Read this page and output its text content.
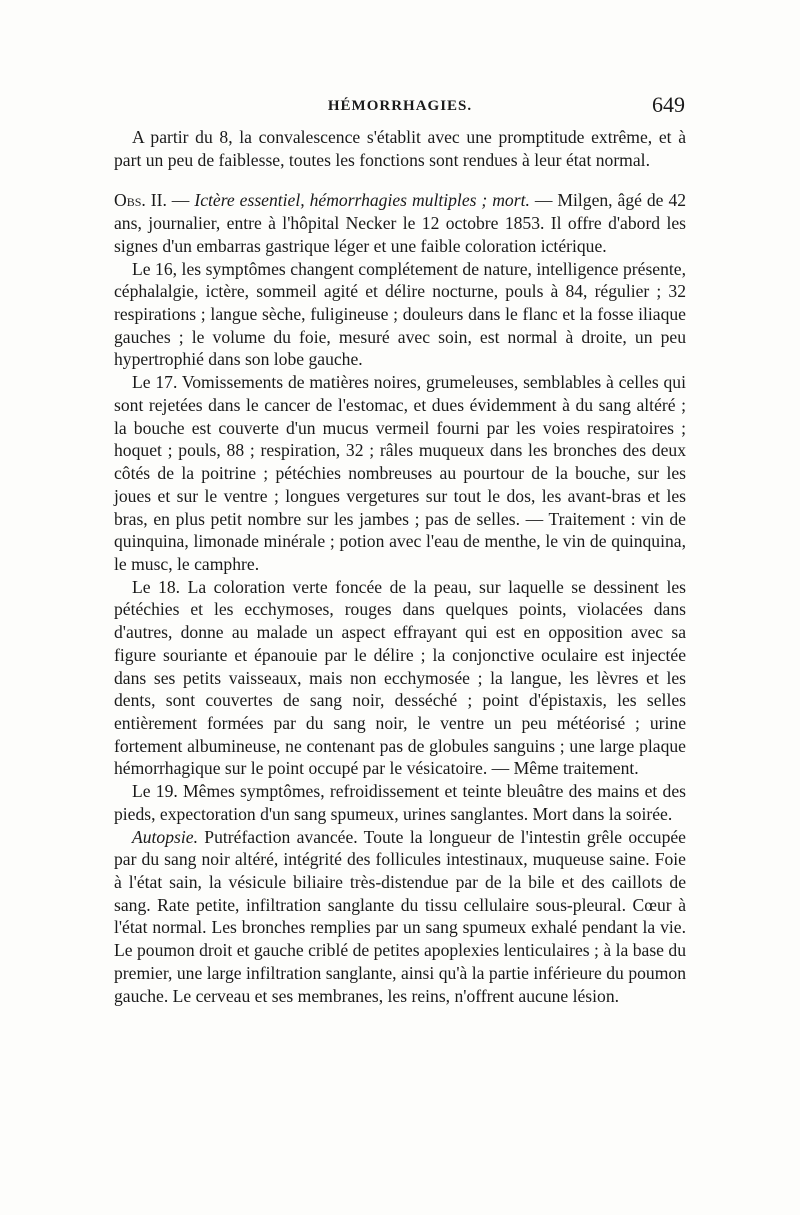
HÉMORRHAGIES.	649

A partir du 8, la convalescence s'établit avec une promptitude extrême, et à part un peu de faiblesse, toutes les fonctions sont rendues à leur état normal.

Obs. II. — Ictère essentiel, hémorrhagies multiples ; mort. — Milgen, âgé de 42 ans, journalier, entre à l'hôpital Necker le 12 octobre 1853. Il offre d'abord les signes d'un embarras gastrique léger et une faible coloration ictérique.

Le 16, les symptômes changent complétement de nature, intelligence présente, céphalalgie, ictère, sommeil agité et délire nocturne, pouls à 84, régulier ; 32 respirations ; langue sèche, fuligineuse ; douleurs dans le flanc et la fosse iliaque gauches ; le volume du foie, mesuré avec soin, est normal à droite, un peu hypertrophié dans son lobe gauche.

Le 17. Vomissements de matières noires, grumeleuses, semblables à celles qui sont rejetées dans le cancer de l'estomac, et dues évidemment à du sang altéré ; la bouche est couverte d'un mucus vermeil fourni par les voies respiratoires ; hoquet ; pouls, 88 ; respiration, 32 ; râles muqueux dans les bronches des deux côtés de la poitrine ; pétéchies nombreuses au pourtour de la bouche, sur les joues et sur le ventre ; longues vergetures sur tout le dos, les avant-bras et les bras, en plus petit nombre sur les jambes ; pas de selles. — Traitement : vin de quinquina, limonade minérale ; potion avec l'eau de menthe, le vin de quinquina, le musc, le camphre.

Le 18. La coloration verte foncée de la peau, sur laquelle se dessinent les pétéchies et les ecchymoses, rouges dans quelques points, violacées dans d'autres, donne au malade un aspect effrayant qui est en opposition avec sa figure souriante et épanouie par le délire ; la conjonctive oculaire est injectée dans ses petits vaisseaux, mais non ecchymosée ; la langue, les lèvres et les dents, sont couvertes de sang noir, desséché ; point d'épistaxis, les selles entièrement formées par du sang noir, le ventre un peu météorisé ; urine fortement albumineuse, ne contenant pas de globules sanguins ; une large plaque hémorrhagique sur le point occupé par le vésicatoire. — Même traitement.

Le 19. Mêmes symptômes, refroidissement et teinte bleuâtre des mains et des pieds, expectoration d'un sang spumeux, urines sanglantes. Mort dans la soirée.

Autopsie. Putréfaction avancée. Toute la longueur de l'intestin grêle occupée par du sang noir altéré, intégrité des follicules intestinaux, muqueuse saine. Foie à l'état sain, la vésicule biliaire très-distendue par de la bile et des caillots de sang. Rate petite, infiltration sanglante du tissu cellulaire sous-pleural. Cœur à l'état normal. Les bronches remplies par un sang spumeux exhalé pendant la vie. Le poumon droit et gauche criblé de petites apoplexies lenticulaires ; à la base du premier, une large infiltration sanglante, ainsi qu'à la partie inférieure du poumon gauche. Le cerveau et ses membranes, les reins, n'offrent aucune lésion.
